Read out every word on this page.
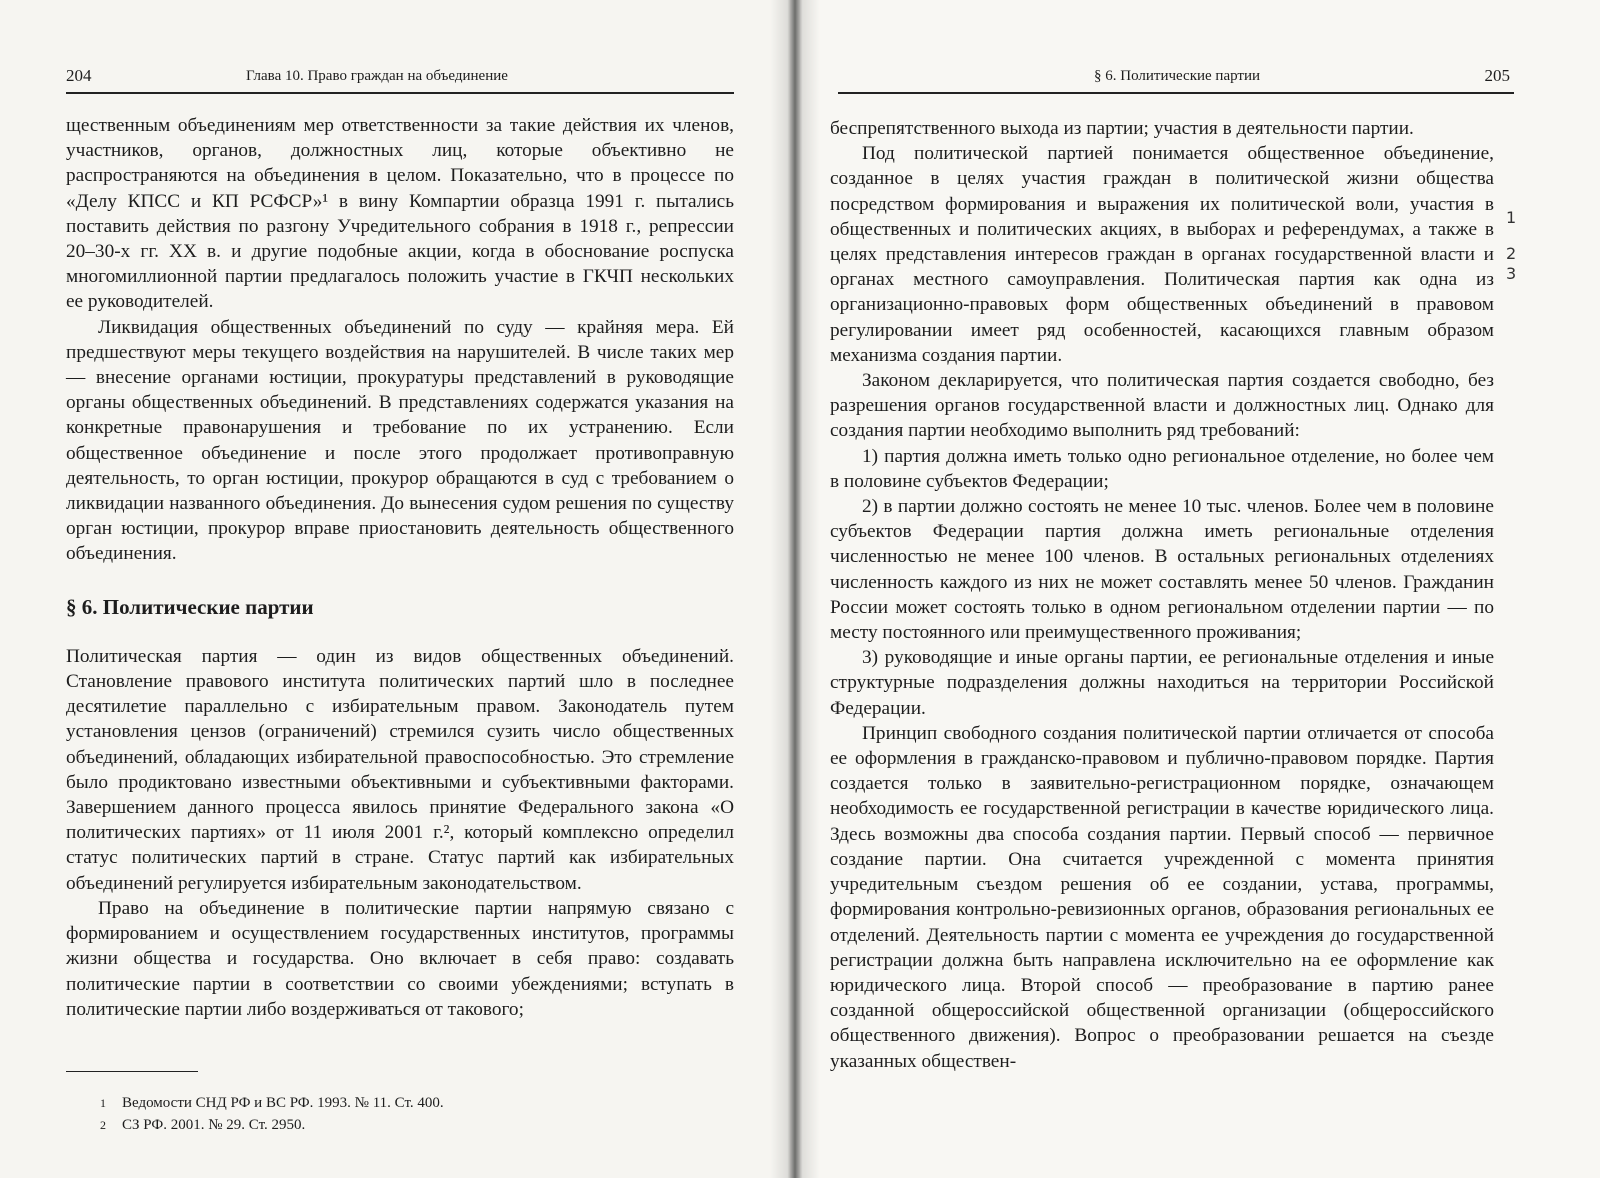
204	Глава 10. Право граждан на объединение

щественным объединениям мер ответственности за такие действия их членов, участников, органов, должностных лиц, которые объективно не распространяются на объединения в целом. Показательно, что в процессе по «Делу КПСС и КП РСФСР»¹ в вину Компартии образца 1991 г. пытались поставить действия по разгону Учредительного собрания в 1918 г., репрессии 20–30-х гг. XX в. и другие подобные акции, когда в обоснование роспуска многомиллионной партии предлагалось положить участие в ГКЧП нескольких ее руководителей.

Ликвидация общественных объединений по суду — крайняя мера. Ей предшествуют меры текущего воздействия на нарушителей. В числе таких мер — внесение органами юстиции, прокуратуры представлений в руководящие органы общественных объединений. В представлениях содержатся указания на конкретные правонарушения и требование по их устранению. Если общественное объединение и после этого продолжает противоправную деятельность, то орган юстиции, прокурор обращаются в суд с требованием о ликвидации названного объединения. До вынесения судом решения по существу орган юстиции, прокурор вправе приостановить деятельность общественного объединения.

§ 6. Политические партии

Политическая партия — один из видов общественных объединений. Становление правового института политических партий шло в последнее десятилетие параллельно с избирательным правом. Законодатель путем установления цензов (ограничений) стремился сузить число общественных объединений, обладающих избирательной правоспособностью. Это стремление было продиктовано известными объективными и субъективными факторами. Завершением данного процесса явилось принятие Федерального закона «О политических партиях» от 11 июля 2001 г.², который комплексно определил статус политических партий в стране. Статус партий как избирательных объединений регулируется избирательным законодательством.

Право на объединение в политические партии напрямую связано с формированием и осуществлением государственных институтов, программы жизни общества и государства. Оно включает в себя право: создавать политические партии в соответствии со своими убеждениями; вступать в политические партии либо воздерживаться от такового;

1 Ведомости СНД РФ и ВС РФ. 1993. № 11. Ст. 400.
2 СЗ РФ. 2001. № 29. Ст. 2950.
§ 6. Политические партии	205

беспрепятственного выхода из партии; участия в деятельности партии.

Под политической партией понимается общественное объединение, созданное в целях участия граждан в политической жизни общества посредством формирования и выражения их политической воли, участия в общественных и политических акциях, в выборах и референдумах, а также в целях представления интересов граждан в органах государственной власти и органах местного самоуправления. Политическая партия как одна из организационно-правовых форм общественных объединений в правовом регулировании имеет ряд особенностей, касающихся главным образом механизма создания партии.

Законом декларируется, что политическая партия создается свободно, без разрешения органов государственной власти и должностных лиц. Однако для создания партии необходимо выполнить ряд требований:

1) партия должна иметь только одно региональное отделение, но более чем в половине субъектов Федерации;

2) в партии должно состоять не менее 10 тыс. членов. Более чем в половине субъектов Федерации партия должна иметь региональные отделения численностью не менее 100 членов. В остальных региональных отделениях численность каждого из них не может составлять менее 50 членов. Гражданин России может состоять только в одном региональном отделении партии — по месту постоянного или преимущественного проживания;

3) руководящие и иные органы партии, ее региональные отделения и иные структурные подразделения должны находиться на территории Российской Федерации.

Принцип свободного создания политической партии отличается от способа ее оформления в гражданско-правовом и публично-правовом порядке. Партия создается только в заявительно-регистрационном порядке, означающем необходимость ее государственной регистрации в качестве юридического лица. Здесь возможны два способа создания партии. Первый способ — первичное создание партии. Она считается учрежденной с момента принятия учредительным съездом решения об ее создании, устава, программы, формирования контрольно-ревизионных органов, образования региональных ее отделений. Деятельность партии с момента ее учреждения до государственной регистрации должна быть направлена исключительно на ее оформление как юридического лица. Второй способ — преобразование в партию ранее созданной общероссийской общественной организации (общероссийского общественного движения). Вопрос о преобразовании решается на съезде указанных обществен-

1
2
3
